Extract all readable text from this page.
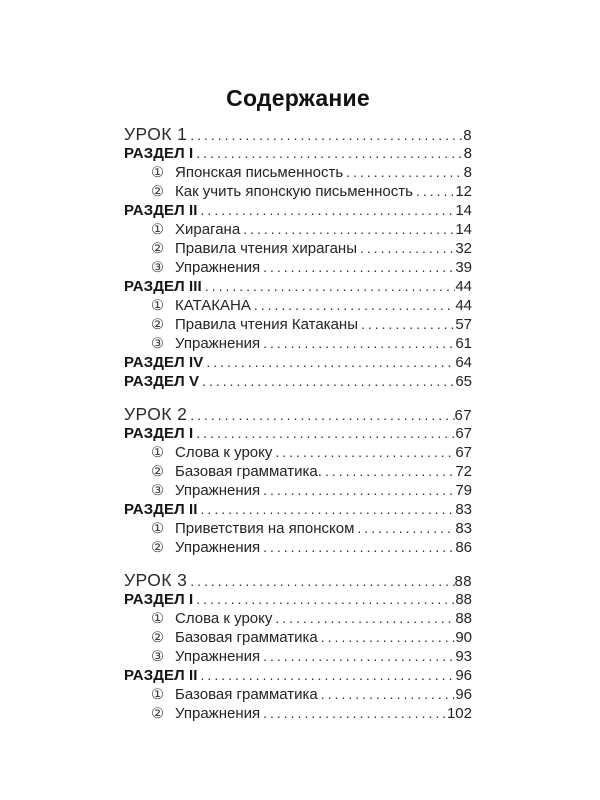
Содержание
УРОК 1 .....	8
РАЗДЕЛ I .....	8
① Японская письменность .....	8
② Как учить японскую письменность .....	12
РАЗДЕЛ II .....	14
① Хирагана .....	14
② Правила чтения хираганы .....	32
③ Упражнения .....	39
РАЗДЕЛ III .....	44
① КАТАКАНА .....	44
② Правила чтения Катаканы .....	57
③ Упражнения .....	61
РАЗДЕЛ IV .....	64
РАЗДЕЛ V .....	65
УРОК 2 .....	67
РАЗДЕЛ I .....	67
① Слова к уроку .....	67
② Базовая грамматика. .....	72
③ Упражнения .....	79
РАЗДЕЛ II .....	83
① Приветствия на японском .....	83
② Упражнения .....	86
УРОК 3 .....	88
РАЗДЕЛ I .....	88
① Слова к уроку .....	88
② Базовая грамматика .....	90
③ Упражнения .....	93
РАЗДЕЛ II .....	96
① Базовая грамматика .....	96
② Упражнения .....	102
